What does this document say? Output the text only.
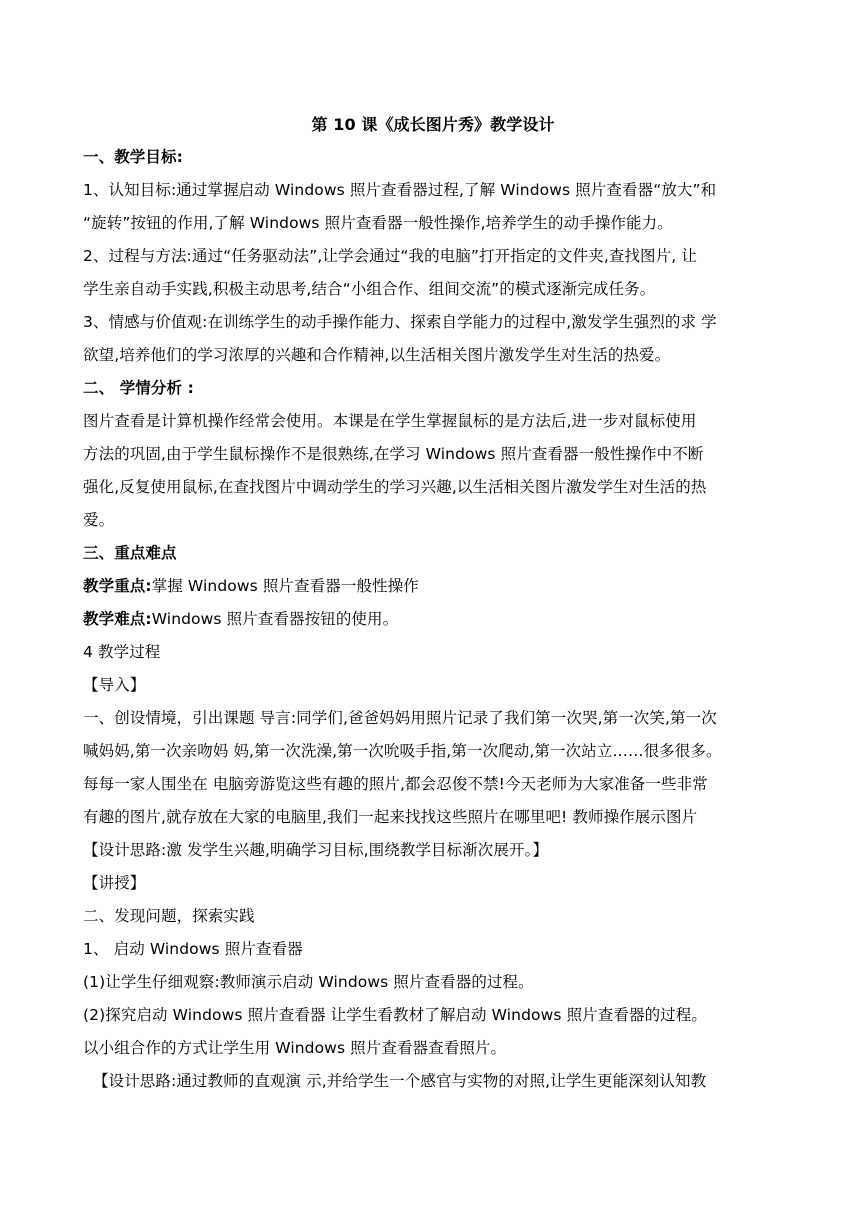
第 10 课《成长图片秀》教学设计

一、教学目标:

1、认知目标:通过掌握启动 Windows 照片查看器过程,了解 Windows 照片查看器“放大”和

“旋转”按钮的作用,了解 Windows 照片查看器一般性操作,培养学生的动手操作能力。

2、过程与方法:通过“任务驱动法”,让学会通过“我的电脑”打开指定的文件夹,查找图片, 让

学生亲自动手实践,积极主动思考,结合“小组合作、组间交流”的模式逐渐完成任务。

3、情感与价值观:在训练学生的动手操作能力、探索自学能力的过程中,激发学生强烈的求 学

欲望,培养他们的学习浓厚的兴趣和合作精神,以生活相关图片激发学生对生活的热爱。

二、 学情分析 :

图片查看是计算机操作经常会使用。本课是在学生掌握鼠标的是方法后,进一步对鼠标使用

方法的巩固,由于学生鼠标操作不是很熟练,在学习 Windows 照片查看器一般性操作中不断

强化,反复使用鼠标,在查找图片中调动学生的学习兴趣,以生活相关图片激发学生对生活的热

爱。

三、重点难点

教学重点:掌握 Windows 照片查看器一般性操作

教学难点:Windows 照片查看器按钮的使用。

4 教学过程

【导入】

一、创设情境，引出课题 导言:同学们,爸爸妈妈用照片记录了我们第一次哭,第一次笑,第一次

喊妈妈,第一次亲吻妈 妈,第一次洗澡,第一次吮吸手指,第一次爬动,第一次站立……很多很多。

每每一家人围坐在 电脑旁游览这些有趣的照片,都会忍俊不禁!今天老师为大家准备一些非常

有趣的图片,就存放在大家的电脑里,我们一起来找找这些照片在哪里吧! 教师操作展示图片

【设计思路:激 发学生兴趣,明确学习目标,围绕教学目标渐次展开。】

【讲授】

二、发现问题，探索实践

1、 启动 Windows 照片查看器

(1)让学生仔细观察:教师演示启动 Windows 照片查看器的过程。

(2)探究启动 Windows 照片查看器 让学生看教材了解启动 Windows 照片查看器的过程。

以小组合作的方式让学生用 Windows 照片查看器查看照片。

【设计思路:通过教师的直观演 示,并给学生一个感官与实物的对照,让学生更能深刻认知教
